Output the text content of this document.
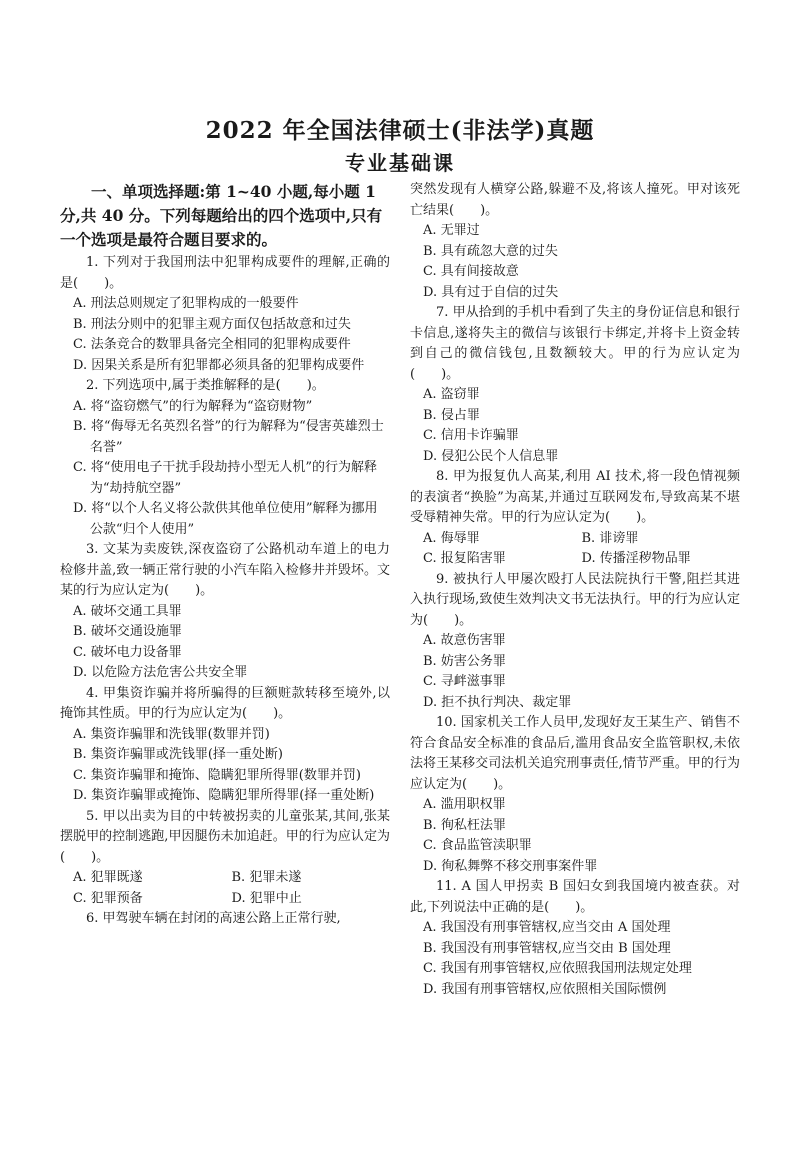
2022 年全国法律硕士(非法学)真题
专业基础课
一、单项选择题:第 1~40 小题,每小题 1 分,共 40 分。下列每题给出的四个选项中,只有一个选项是最符合题目要求的。
1. 下列对于我国刑法中犯罪构成要件的理解,正确的是(　　)。
A. 刑法总则规定了犯罪构成的一般要件
B. 刑法分则中的犯罪主观方面仅包括故意和过失
C. 法条竞合的数罪具备完全相同的犯罪构成要件
D. 因果关系是所有犯罪都必须具备的犯罪构成要件
2. 下列选项中,属于类推解释的是(　　)。
A. 将“盗窃燃气”的行为解释为“盗窃财物”
B. 将“侮辱无名英烈名誉”的行为解释为“侵害英雄烈士名誉”
C. 将“使用电子干扰手段劫持小型无人机”的行为解释为“劫持航空器”
D. 将“以个人名义将公款供其他单位使用”解释为挪用公款“归个人使用”
3. 文某为卖废铁,深夜盗窃了公路机动车道上的电力检修井盖,致一辆正常行驶的小汽车陷入检修井并毁坏。文某的行为应认定为(　　)。
A. 破坏交通工具罪
B. 破坏交通设施罪
C. 破坏电力设备罪
D. 以危险方法危害公共安全罪
4. 甲集资诈骗并将所骗得的巨额赃款转移至境外,以掩饰其性质。甲的行为应认定为(　　)。
A. 集资诈骗罪和洗钱罪(数罪并罚)
B. 集资诈骗罪或洗钱罪(择一重处断)
C. 集资诈骗罪和掩饰、隐瞒犯罪所得罪(数罪并罚)
D. 集资诈骗罪或掩饰、隐瞒犯罪所得罪(择一重处断)
5. 甲以出卖为目的中转被拐卖的儿童张某,其间,张某摆脱甲的控制逃跑,甲因腿伤未加追赶。甲的行为应认定为(　　)。
A. 犯罪既遂	B. 犯罪未遂
C. 犯罪预备	D. 犯罪中止
6. 甲驾驶车辆在封闭的高速公路上正常行驶,
突然发现有人横穿公路,躲避不及,将该人撞死。甲对该死亡结果(　　)。
A. 无罪过
B. 具有疏忽大意的过失
C. 具有间接故意
D. 具有过于自信的过失
7. 甲从拾到的手机中看到了失主的身份证信息和银行卡信息,遂将失主的微信与该银行卡绑定,并将卡上资金转到自己的微信钱包,且数额较大。甲的行为应认定为(　　)。
A. 盗窃罪
B. 侵占罪
C. 信用卡诈骗罪
D. 侵犯公民个人信息罪
8. 甲为报复仇人高某,利用 AI 技术,将一段色情视频的表演者“换脸”为高某,并通过互联网发布,导致高某不堪受辱精神失常。甲的行为应认定为(　　)。
A. 侮辱罪	B. 诽谤罪
C. 报复陷害罪	D. 传播淫秽物品罪
9. 被执行人甲屡次殴打人民法院执行干警,阻拦其进入执行现场,致使生效判决文书无法执行。甲的行为应认定为(　　)。
A. 故意伤害罪
B. 妨害公务罪
C. 寻衅滋事罪
D. 拒不执行判决、裁定罪
10. 国家机关工作人员甲,发现好友王某生产、销售不符合食品安全标准的食品后,滥用食品安全监管职权,未依法将王某移交司法机关追究刑事责任,情节严重。甲的行为应认定为(　　)。
A. 滥用职权罪
B. 徇私枉法罪
C. 食品监管渎职罪
D. 徇私舞弊不移交刑事案件罪
11. A 国人甲拐卖 B 国妇女到我国境内被查获。对此,下列说法中正确的是(　　)。
A. 我国没有刑事管辖权,应当交由 A 国处理
B. 我国没有刑事管辖权,应当交由 B 国处理
C. 我国有刑事管辖权,应依照我国刑法规定处理
D. 我国有刑事管辖权,应依照相关国际惯例
